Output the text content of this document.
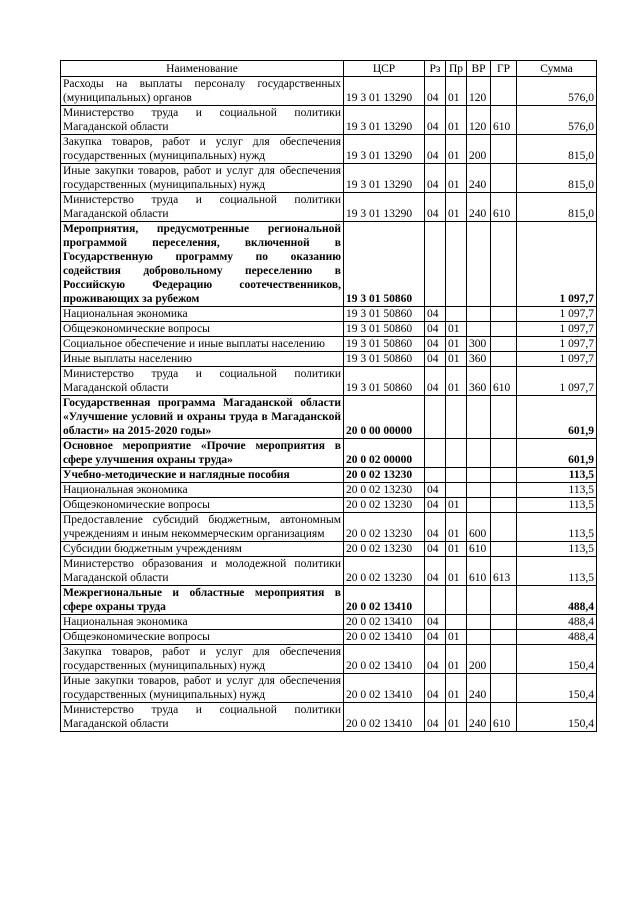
Наименование	ЦСР	Рз	Пр	ВР	ГР	Сумма
Расходы на выплаты персоналу государственных (муниципальных) органов	19 3 01 13290	04	01	120		576,0
Министерство труда и социальной политики Магаданской области	19 3 01 13290	04	01	120	610	576,0
Закупка товаров, работ и услуг для обеспечения государственных (муниципальных) нужд	19 3 01 13290	04	01	200		815,0
Иные закупки товаров, работ и услуг для обеспечения государственных (муниципальных) нужд	19 3 01 13290	04	01	240		815,0
Министерство труда и социальной политики Магаданской области	19 3 01 13290	04	01	240	610	815,0
Мероприятия, предусмотренные региональной программой переселения, включенной в Государственную программу по оказанию содействия добровольному переселению в Российскую Федерацию соотечественников, проживающих за рубежом	19 3 01 50860					1 097,7
Национальная экономика	19 3 01 50860	04				1 097,7
Общеэкономические вопросы	19 3 01 50860	04	01			1 097,7
Социальное обеспечение и иные выплаты населению	19 3 01 50860	04	01	300		1 097,7
Иные выплаты населению	19 3 01 50860	04	01	360		1 097,7
Министерство труда и социальной политики Магаданской области	19 3 01 50860	04	01	360	610	1 097,7
Государственная программа Магаданской области «Улучшение условий и охраны труда в Магаданской области» на 2015-2020 годы»	20 0 00 00000					601,9
Основное мероприятие «Прочие мероприятия в сфере улучшения охраны труда»	20 0 02 00000					601,9
Учебно-методические и наглядные пособия	20 0 02 13230					113,5
Национальная экономика	20 0 02 13230	04				113,5
Общеэкономические вопросы	20 0 02 13230	04	01			113,5
Предоставление субсидий бюджетным, автономным учреждениям и иным некоммерческим организациям	20 0 02 13230	04	01	600		113,5
Субсидии бюджетным учреждениям	20 0 02 13230	04	01	610		113,5
Министерство образования и молодежной политики Магаданской области	20 0 02 13230	04	01	610	613	113,5
Межрегиональные и областные мероприятия в сфере охраны труда	20 0 02 13410					488,4
Национальная экономика	20 0 02 13410	04				488,4
Общеэкономические вопросы	20 0 02 13410	04	01			488,4
Закупка товаров, работ и услуг для обеспечения государственных (муниципальных) нужд	20 0 02 13410	04	01	200		150,4
Иные закупки товаров, работ и услуг для обеспечения государственных (муниципальных) нужд	20 0 02 13410	04	01	240		150,4
Министерство труда и социальной политики Магаданской области	20 0 02 13410	04	01	240	610	150,4
